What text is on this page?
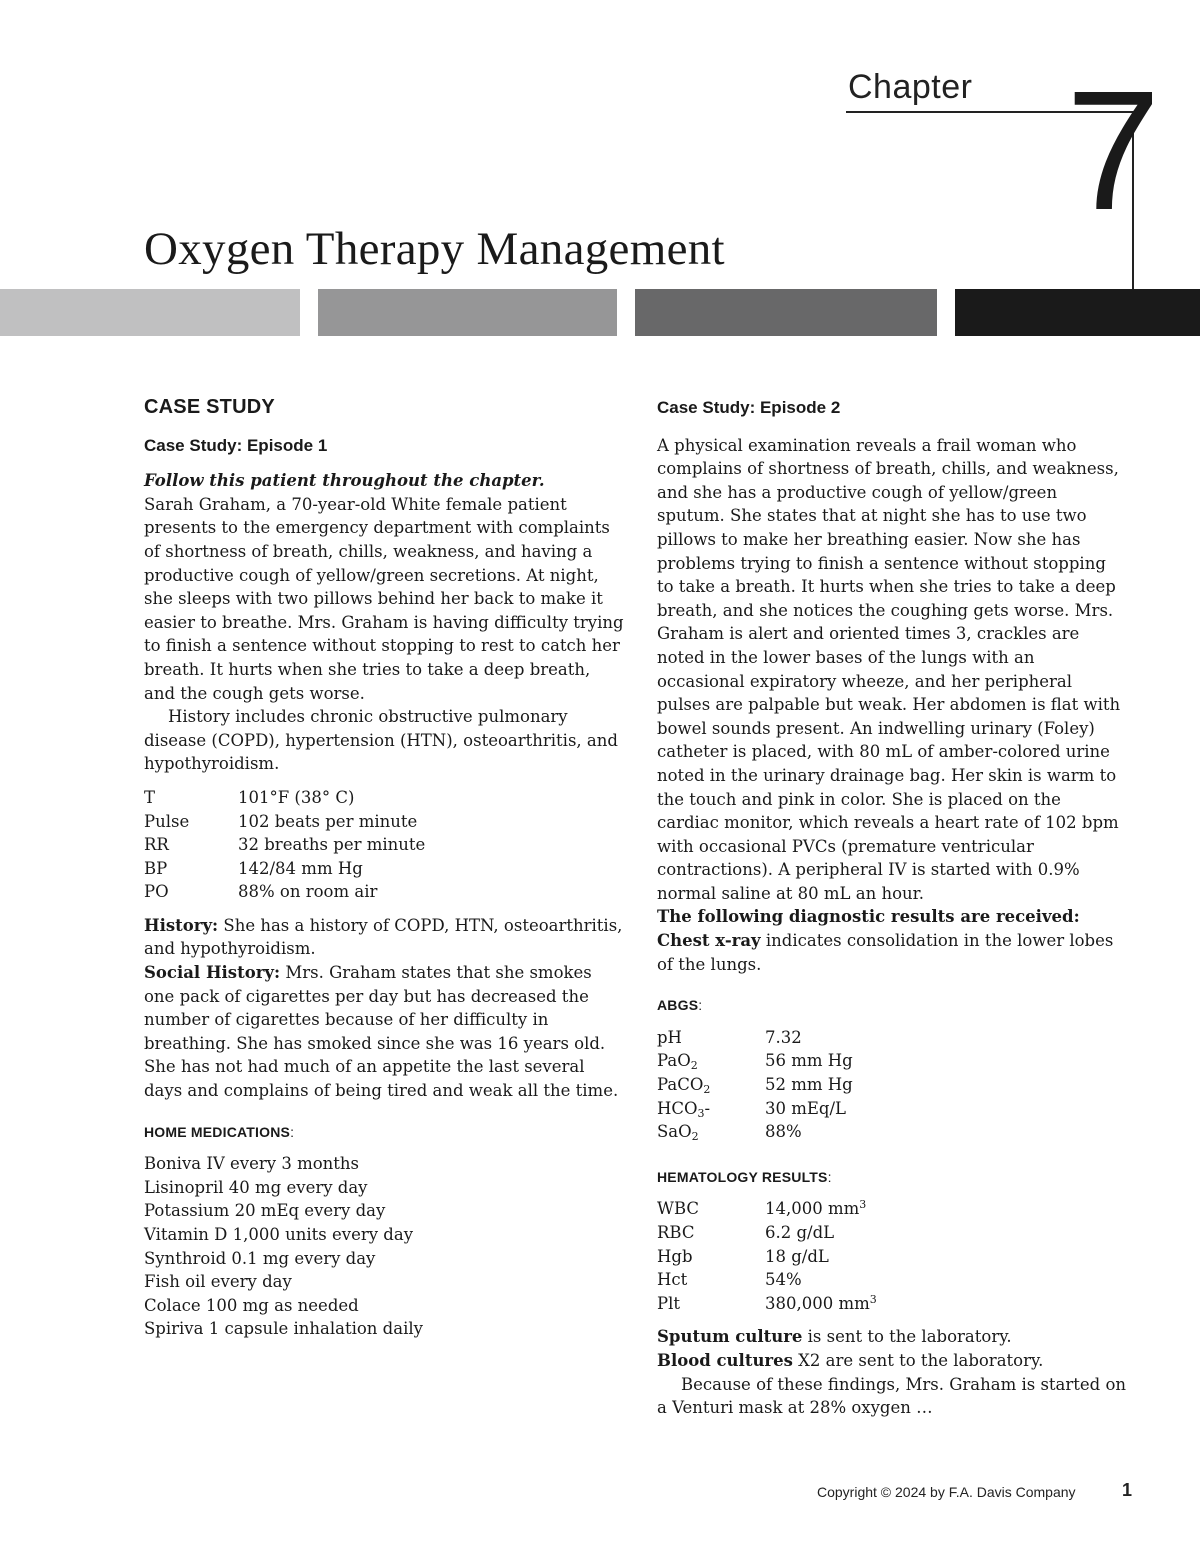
Chapter 7
Oxygen Therapy Management
CASE STUDY
Case Study: Episode 1

Follow this patient throughout the chapter.

Sarah Graham, a 70-year-old White female patient presents to the emergency department with complaints of shortness of breath, chills, weakness, and having a productive cough of yellow/green secretions. At night, she sleeps with two pillows behind her back to make it easier to breathe. Mrs. Graham is having difficulty trying to finish a sentence without stopping to rest to catch her breath. It hurts when she tries to take a deep breath, and the cough gets worse.

History includes chronic obstructive pulmonary disease (COPD), hypertension (HTN), osteoarthritis, and hypothyroidism.

T	101°F (38° C)
Pulse	102 beats per minute
RR	32 breaths per minute
BP	142/84 mm Hg
PO	88% on room air

History: She has a history of COPD, HTN, osteoarthritis, and hypothyroidism.

Social History: Mrs. Graham states that she smokes one pack of cigarettes per day but has decreased the number of cigarettes because of her difficulty in breathing. She has smoked since she was 16 years old. She has not had much of an appetite the last several days and complains of being tired and weak all the time.

HOME MEDICATIONS:
Boniva IV every 3 months
Lisinopril 40 mg every day
Potassium 20 mEq every day
Vitamin D 1,000 units every day
Synthroid 0.1 mg every day
Fish oil every day
Colace 100 mg as needed
Spiriva 1 capsule inhalation daily
Case Study: Episode 2

A physical examination reveals a frail woman who complains of shortness of breath, chills, and weakness, and she has a productive cough of yellow/green sputum. She states that at night she has to use two pillows to make her breathing easier. Now she has problems trying to finish a sentence without stopping to take a breath. It hurts when she tries to take a deep breath, and she notices the coughing gets worse. Mrs. Graham is alert and oriented times 3, crackles are noted in the lower bases of the lungs with an occasional expiratory wheeze, and her peripheral pulses are palpable but weak. Her abdomen is flat with bowel sounds present. An indwelling urinary (Foley) catheter is placed, with 80 mL of amber-colored urine noted in the urinary drainage bag. Her skin is warm to the touch and pink in color. She is placed on the cardiac monitor, which reveals a heart rate of 102 bpm with occasional PVCs (premature ventricular contractions). A peripheral IV is started with 0.9% normal saline at 80 mL an hour.

The following diagnostic results are received:

Chest x-ray indicates consolidation in the lower lobes of the lungs.

ABGS:
pH	7.32
PaO$_2$	56 mm Hg
PaCO$_2$	52 mm Hg
$HCO_3-$	30 mEq/L
SaO$_2$	88%
HEMATOLOGY RESULTS:
WBC	14,000 $mm^3$
RBC	6.2 g/dL
Hgb	18 g/dL
Hct	54%
Plt	380,000 $mm^3$

Sputum culture is sent to the laboratory.

Blood cultures X2 are sent to the laboratory.

Because of these findings, Mrs. Graham is started on a Venturi mask at 28% oxygen …

Copyright © 2024 by F.A. Davis Company	1
